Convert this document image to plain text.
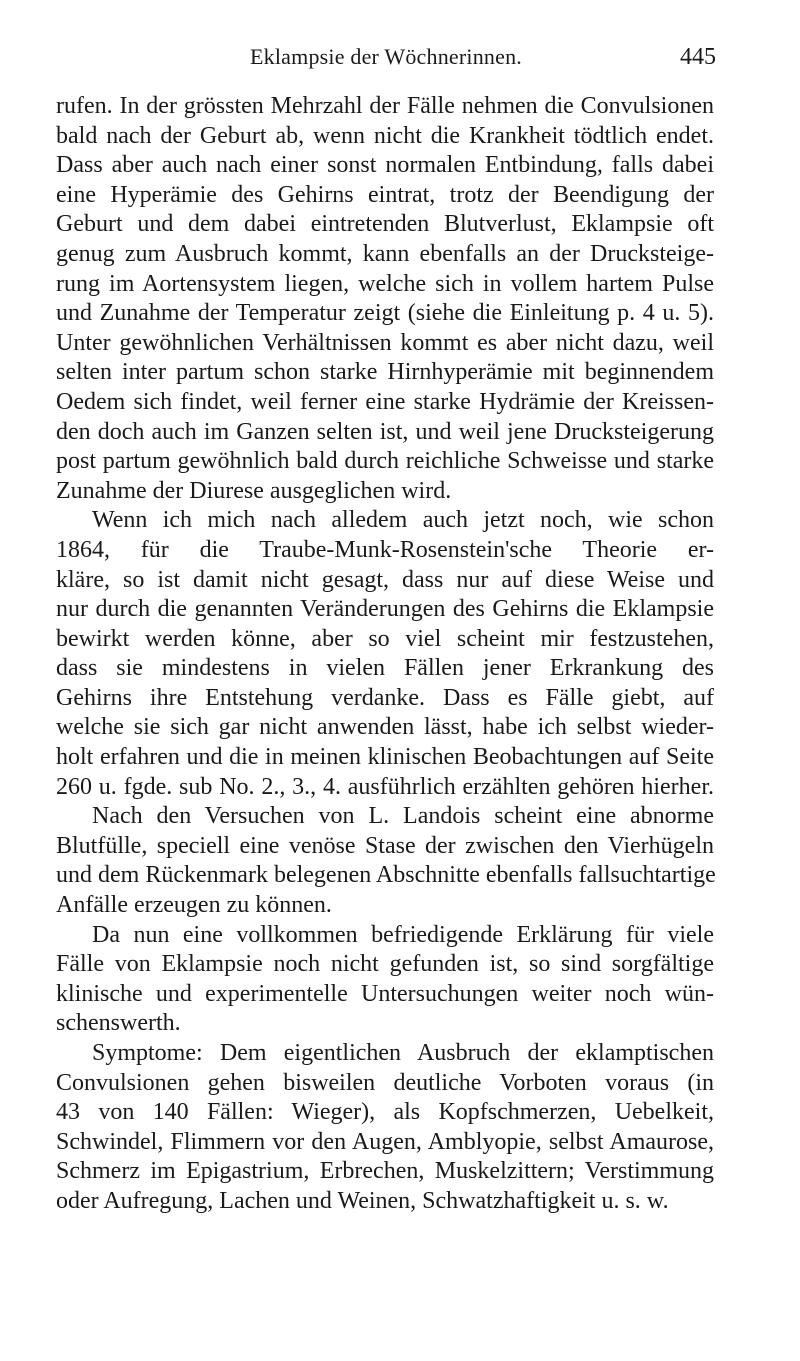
Eklampsie der Wöchnerinnen.	445
rufen. In der grössten Mehrzahl der Fälle nehmen die Convulsionen
bald nach der Geburt ab, wenn nicht die Krankheit tödtlich endet.
Dass aber auch nach einer sonst normalen Entbindung, falls dabei
eine Hyperämie des Gehirns eintrat, trotz der Beendigung der
Geburt und dem dabei eintretenden Blutverlust, Eklampsie oft
genug zum Ausbruch kommt, kann ebenfalls an der Drucksteige-
rung im Aortensystem liegen, welche sich in vollem hartem Pulse
und Zunahme der Temperatur zeigt (siehe die Einleitung p. 4 u. 5).
Unter gewöhnlichen Verhältnissen kommt es aber nicht dazu, weil
selten inter partum schon starke Hirnhyperämie mit beginnendem
Oedem sich findet, weil ferner eine starke Hydrämie der Kreissen-
den doch auch im Ganzen selten ist, und weil jene Drucksteigerung
post partum gewöhnlich bald durch reichliche Schweisse und starke
Zunahme der Diurese ausgeglichen wird.
Wenn ich mich nach alledem auch jetzt noch, wie schon
1864, für die Traube-Munk-Rosenstein'sche Theorie er-
kläre, so ist damit nicht gesagt, dass nur auf diese Weise und
nur durch die genannten Veränderungen des Gehirns die Eklampsie
bewirkt werden könne, aber so viel scheint mir festzustehen,
dass sie mindestens in vielen Fällen jener Erkrankung des
Gehirns ihre Entstehung verdanke. Dass es Fälle giebt, auf
welche sie sich gar nicht anwenden lässt, habe ich selbst wieder-
holt erfahren und die in meinen klinischen Beobachtungen auf Seite
260 u. fgde. sub No. 2., 3., 4. ausführlich erzählten gehören hierher.
Nach den Versuchen von L. Landois scheint eine abnorme
Blutfülle, speciell eine venöse Stase der zwischen den Vierhügeln
und dem Rückenmark belegenen Abschnitte ebenfalls fallsuchtartige
Anfälle erzeugen zu können.
Da nun eine vollkommen befriedigende Erklärung für viele
Fälle von Eklampsie noch nicht gefunden ist, so sind sorgfältige
klinische und experimentelle Untersuchungen weiter noch wün-
schenswerth.
Symptome: Dem eigentlichen Ausbruch der eklamptischen
Convulsionen gehen bisweilen deutliche Vorboten voraus (in
43 von 140 Fällen: Wieger), als Kopfschmerzen, Uebelkeit,
Schwindel, Flimmern vor den Augen, Amblyopie, selbst Amaurose,
Schmerz im Epigastrium, Erbrechen, Muskelzittern; Verstimmung
oder Aufregung, Lachen und Weinen, Schwatzhaftigkeit u. s. w.
